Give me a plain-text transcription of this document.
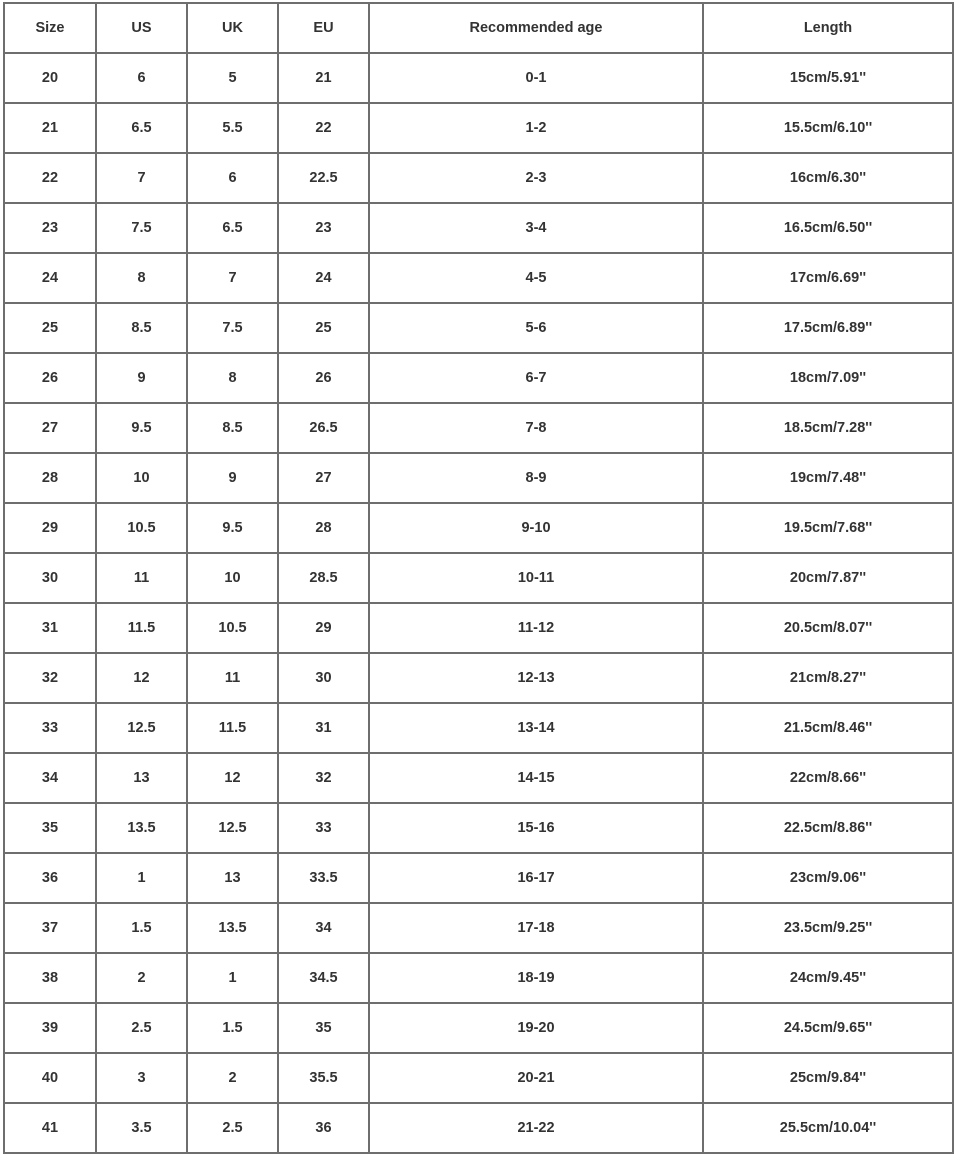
Size	US	UK	EU	Recommended age	Length
20	6	5	21	0-1	15cm/5.91''
21	6.5	5.5	22	1-2	15.5cm/6.10''
22	7	6	22.5	2-3	16cm/6.30''
23	7.5	6.5	23	3-4	16.5cm/6.50''
24	8	7	24	4-5	17cm/6.69''
25	8.5	7.5	25	5-6	17.5cm/6.89''
26	9	8	26	6-7	18cm/7.09''
27	9.5	8.5	26.5	7-8	18.5cm/7.28''
28	10	9	27	8-9	19cm/7.48''
29	10.5	9.5	28	9-10	19.5cm/7.68''
30	11	10	28.5	10-11	20cm/7.87''
31	11.5	10.5	29	11-12	20.5cm/8.07''
32	12	11	30	12-13	21cm/8.27''
33	12.5	11.5	31	13-14	21.5cm/8.46''
34	13	12	32	14-15	22cm/8.66''
35	13.5	12.5	33	15-16	22.5cm/8.86''
36	1	13	33.5	16-17	23cm/9.06''
37	1.5	13.5	34	17-18	23.5cm/9.25''
38	2	1	34.5	18-19	24cm/9.45''
39	2.5	1.5	35	19-20	24.5cm/9.65''
40	3	2	35.5	20-21	25cm/9.84''
41	3.5	2.5	36	21-22	25.5cm/10.04''
